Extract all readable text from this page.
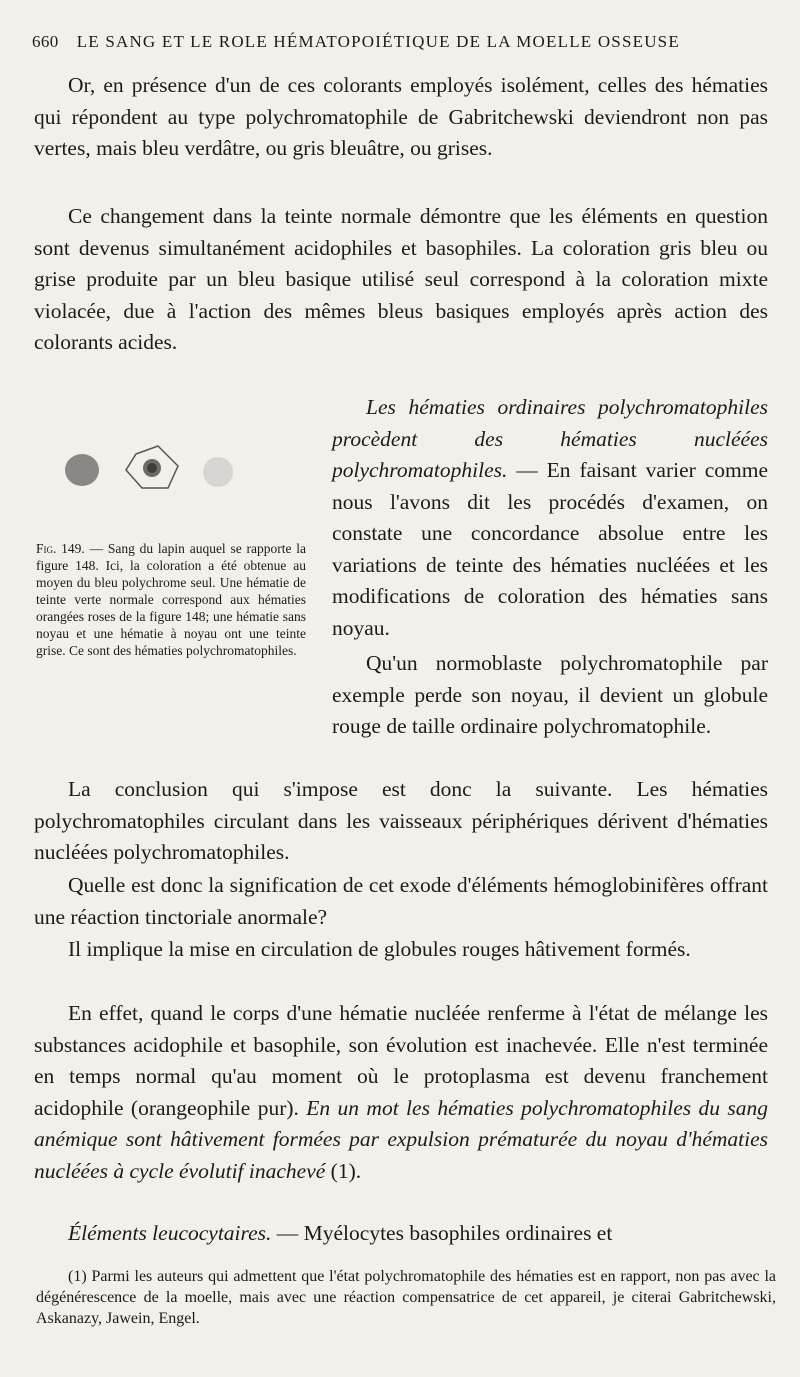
660 LE SANG ET LE ROLE HÉMATOPOIÉTIQUE DE LA MOELLE OSSEUSE

Or, en présence d'un de ces colorants employés isolément, celles des hématies qui répondent au type polychromatophile de Gabritchewski deviendront non pas vertes, mais bleu verdâtre, ou gris bleuâtre, ou grises.

Ce changement dans la teinte normale démontre que les éléments en question sont devenus simultanément acidophiles et basophiles. La coloration gris bleu ou grise produite par un bleu basique utilisé seul correspond à la coloration mixte violacée, due à l'action des mêmes bleus basiques employés après action des colorants acides.

Les hématies ordinaires polychromatophiles procèdent des hématies nucléées polychromatophiles. — En faisant varier comme nous l'avons dit les procédés d'examen, on constate une concordance absolue entre les variations de teinte des hématies nucléées et les modifications de coloration des hématies sans noyau.

Qu'un normoblaste polychromatophile par exemple perde son noyau, il devient un globule rouge de taille ordinaire polychromatophile.

Fig. 149. — Sang du lapin auquel se rapporte la figure 148. Ici, la coloration a été obtenue au moyen du bleu polychrome seul. Une hématie de teinte verte normale correspond aux hématies orangées roses de la figure 148; une hématie sans noyau et une hématie à noyau ont une teinte grise. Ce sont des hématies polychromatophiles.

La conclusion qui s'impose est donc la suivante. Les hématies polychromatophiles circulant dans les vaisseaux périphériques dérivent d'hématies nucléées polychromatophiles.

Quelle est donc la signification de cet exode d'éléments hémoglobinifères offrant une réaction tinctoriale anormale?

Il implique la mise en circulation de globules rouges hâtivement formés.

En effet, quand le corps d'une hématie nucléée renferme à l'état de mélange les substances acidophile et basophile, son évolution est inachevée. Elle n'est terminée en temps normal qu'au moment où le protoplasma est devenu franchement acidophile (orangeophile pur). En un mot les hématies polychromatophiles du sang anémique sont hâtivement formées par expulsion prématurée du noyau d'hématies nucléées à cycle évolutif inachevé (1).

Éléments leucocytaires. — Myélocytes basophiles ordinaires et

(1) Parmi les auteurs qui admettent que l'état polychromatophile des hématies est en rapport, non pas avec la dégénérescence de la moelle, mais avec une réaction compensatrice de cet appareil, je citerai Gabritchewski, Askanazy, Jawein, Engel.
